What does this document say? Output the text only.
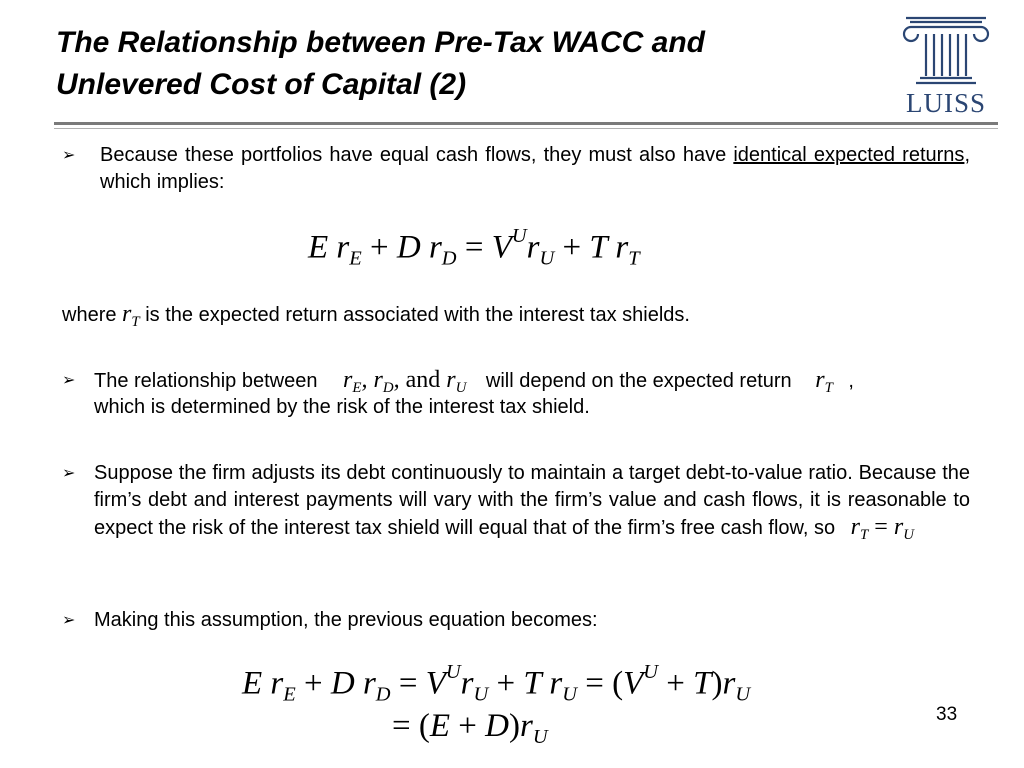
The Relationship between Pre-Tax WACC and
Unlevered Cost of Capital (2)
LUISS
➢ Because these portfolios have equal cash flows, they must also have identical expected returns, which implies:
E $r_E + D$ $r_D = V^Ur_U + T$ $r_T$
where $r_T$ is the expected return associated with the interest tax shields.
➢ The relationship between $r_E$, $r_D$, and $r_U$ will depend on the expected return $r_T$ ,
which is determined by the risk of the interest tax shield.
➢ Suppose the firm adjusts its debt continuously to maintain a target debt-to-value ratio. Because the firm’s debt and interest payments will vary with the firm’s value and cash flows, it is reasonable to expect the risk of the interest tax shield will equal that of the firm’s free cash flow, so $r_T = r_U$
➢ Making this assumption, the previous equation becomes:
E $r_E + D$ $r_D = V^Ur_U + T$ $r_U = (V^U + T)r_U$
= $(E + D)r_U$
33
